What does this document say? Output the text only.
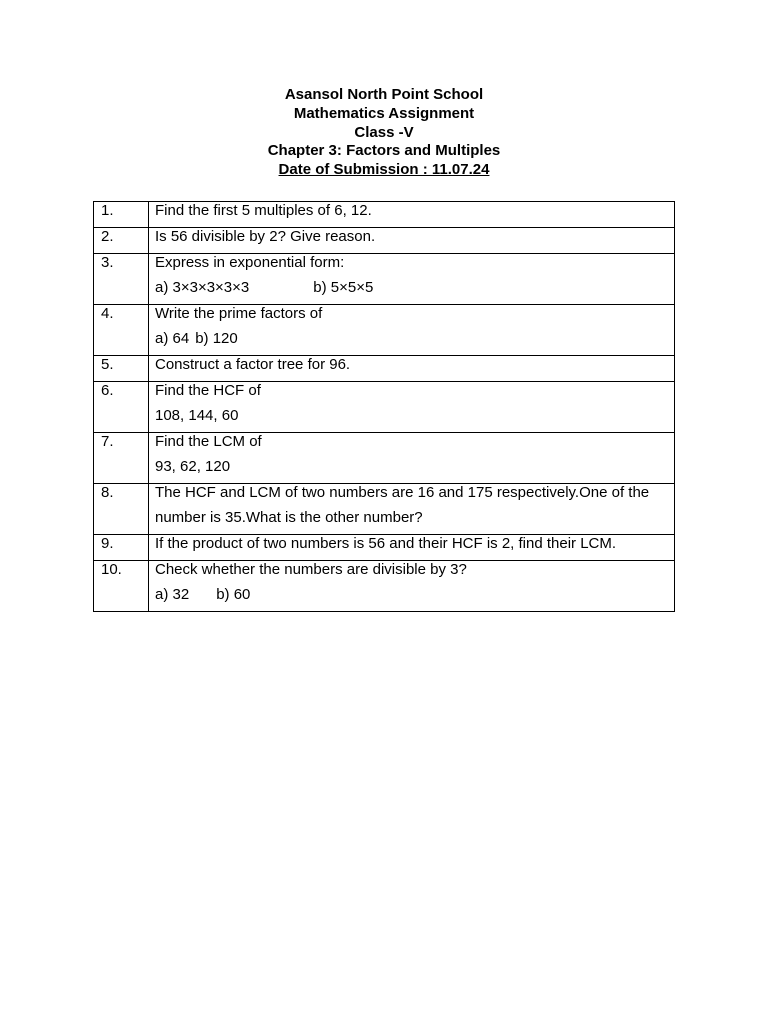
Asansol North Point School
Mathematics Assignment
Class -V
Chapter 3: Factors and Multiples
Date of Submission : 11.07.24
1.	Find the first 5 multiples of 6, 12.

2.	Is 56 divisible by 2? Give reason.

3.	Express in exponential form:
a) 3×3×3×3×3 b) 5×5×5

4.	Write the prime factors of
a) 64 b) 120

5.	Construct a factor tree for 96.

6.	Find the HCF of
108, 144, 60

7.	Find the LCM of
93, 62, 120

8.	The HCF and LCM of two numbers are 16 and 175 respectively.One of the
number is 35.What is the other number?

9.	If the product of two numbers is 56 and their HCF is 2, find their LCM.

10.	Check whether the numbers are divisible by 3?
a) 32 b) 60
